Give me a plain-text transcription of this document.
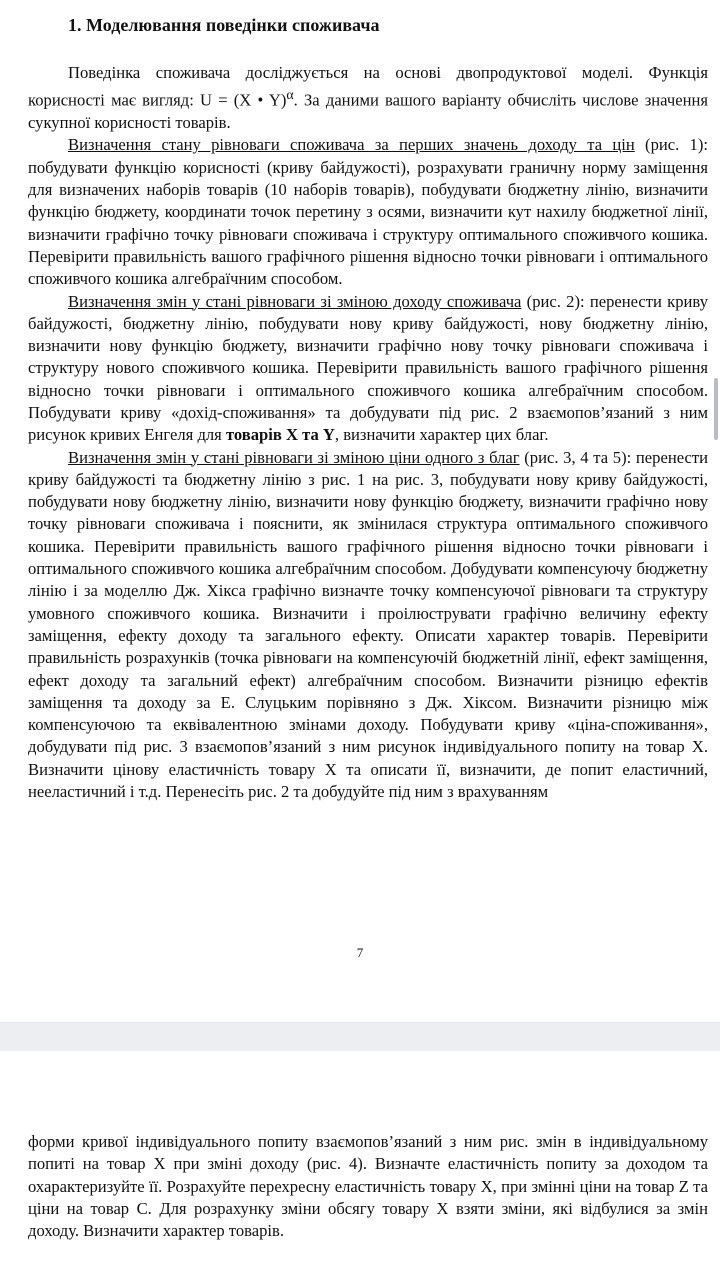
1. Моделювання поведінки споживача

Поведінка споживача досліджується на основі двопродуктової моделі. Функція корисності має вигляд: U = (X • Y)$^\alpha$. За даними вашого варіанту обчисліть числове значення сукупної корисності товарів.

Визначення стану рівноваги споживача за перших значень доходу та цін (рис. 1): побудувати функцію корисності (криву байдужості), розрахувати граничну норму заміщення для визначених наборів товарів (10 наборів товарів), побудувати бюджетну лінію, визначити функцію бюджету, координати точок перетину з осями, визначити кут нахилу бюджетної лінії, визначити графічно точку рівноваги споживача і структуру оптимального споживчого кошика. Перевірити правильність вашого графічного рішення відносно точки рівноваги і оптимального споживчого кошика алгебраїчним способом.

Визначення змін у стані рівноваги зі зміною доходу споживача (рис. 2): перенести криву байдужості, бюджетну лінію, побудувати нову криву байдужості, нову бюджетну лінію, визначити нову функцію бюджету, визначити графічно нову точку рівноваги споживача і структуру нового споживчого кошика. Перевірити правильність вашого графічного рішення відносно точки рівноваги і оптимального споживчого кошика алгебраїчним способом. Побудувати криву «дохід-споживання» та добудувати під рис. 2 взаємопов’язаний з ним рисунок кривих Енгеля для товарів X та Y, визначити характер цих благ.

Визначення змін у стані рівноваги зі зміною ціни одного з благ (рис. 3, 4 та 5): перенести криву байдужості та бюджетну лінію з рис. 1 на рис. 3, побудувати нову криву байдужості, побудувати нову бюджетну лінію, визначити нову функцію бюджету, визначити графічно нову точку рівноваги споживача і пояснити, як змінилася структура оптимального споживчого кошика. Перевірити правильність вашого графічного рішення відносно точки рівноваги і оптимального споживчого кошика алгебраїчним способом. Добудувати компенсуючу бюджетну лінію і за моделлю Дж. Хікса графічно визначте точку компенсуючої рівноваги та структуру умовного споживчого кошика. Визначити і проілюструвати графічно величину ефекту заміщення, ефекту доходу та загального ефекту. Описати характер товарів. Перевірити правильність розрахунків (точка рівноваги на компенсуючій бюджетній лінії, ефект заміщення, ефект доходу та загальний ефект) алгебраїчним способом. Визначити різницю ефектів заміщення та доходу за Е. Слуцьким порівняно з Дж. Хіксом. Визначити різницю між компенсуючою та еквівалентною змінами доходу. Побудувати криву «ціна-споживання», добудувати під рис. 3 взаємопов’язаний з ним рисунок індивідуального попиту на товар X. Визначити цінову еластичність товару X та описати її, визначити, де попит еластичний, нееластичний і т.д. Перенесіть рис. 2 та добудуйте під ним з врахуванням

7

форми кривої індивідуального попиту взаємопов’язаний з ним рис. змін в індивідуальному попиті на товар X при зміні доходу (рис. 4). Визначте еластичність попиту за доходом та охарактеризуйте її. Розрахуйте перехресну еластичність товару X, при змінні ціни на товар Z та ціни на товар C. Для розрахунку зміни обсягу товару X взяти зміни, які відбулися за змін доходу. Визначити характер товарів.
